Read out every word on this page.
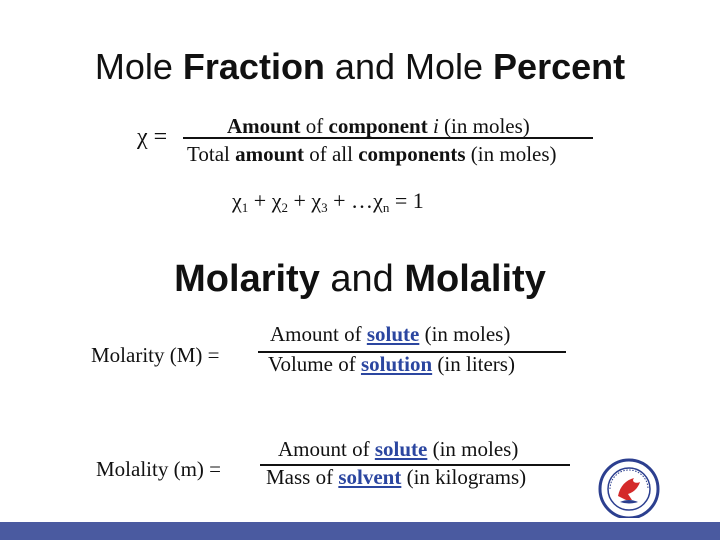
Mole Fraction and Mole Percent
χ =	Amount of component i (in moles)
Total amount of all components (in moles)
$\chi_1 + \chi_2 + \chi_3$ + $\dots\chi_n = 1$
Molarity and Molality
Molarity (M) =
Amount of solute (in moles)
Volume of solution (in liters)
Molality (m) =
Amount of solute (in moles)
Mass of solvent (in kilograms)
